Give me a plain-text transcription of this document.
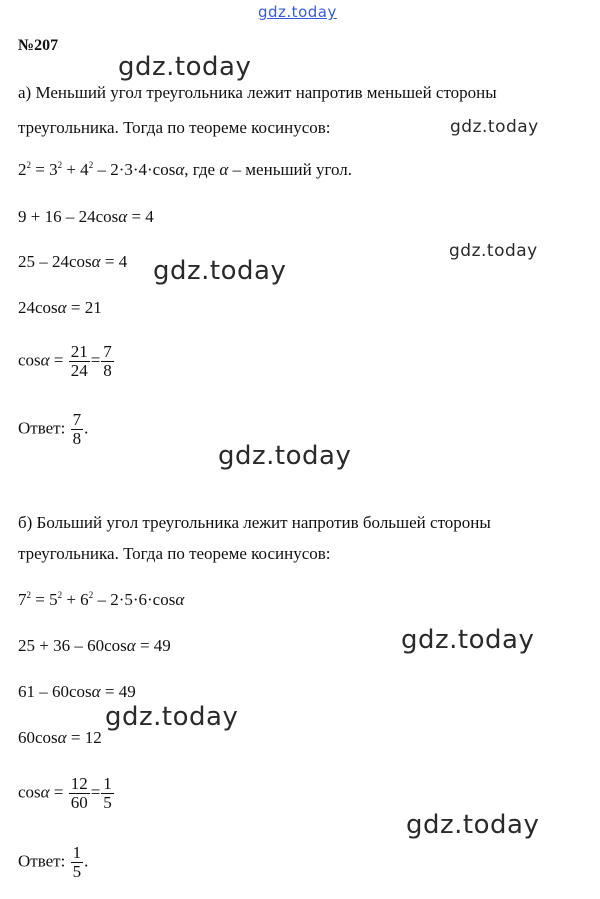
gdz.today
gdz.today
gdz.today
gdz.today
gdz.today
gdz.today
gdz.today
gdz.today
gdz.today
№207
а) Меньший угол треугольника лежит напротив меньшей стороны
треугольника. Тогда по теореме косинусов:
$2^2 = 3^2 + 4^2 - 2\cdot 3\cdot 4\cdot\cos\alpha$, где α – меньший угол.
9 + 16 – 24cosα = 4
25 – 24cosα = 4
24cosα = 21
$\cos\alpha = \frac{21}{24} = \frac{7}{8}$
Ответ: $\frac{7}{8}$ .
б) Больший угол треугольника лежит напротив большей стороны
треугольника. Тогда по теореме косинусов:
$7^2 = 5^2 + 6^2 - 2\cdot 5\cdot 6\cdot\cos\alpha$
25 + 36 – 60cosα = 49
61 – 60cosα = 49
60cosα = 12
$\cos\alpha = \frac{12}{60} = \frac{1}{5}$
Ответ: $\frac{1}{5}$ .
